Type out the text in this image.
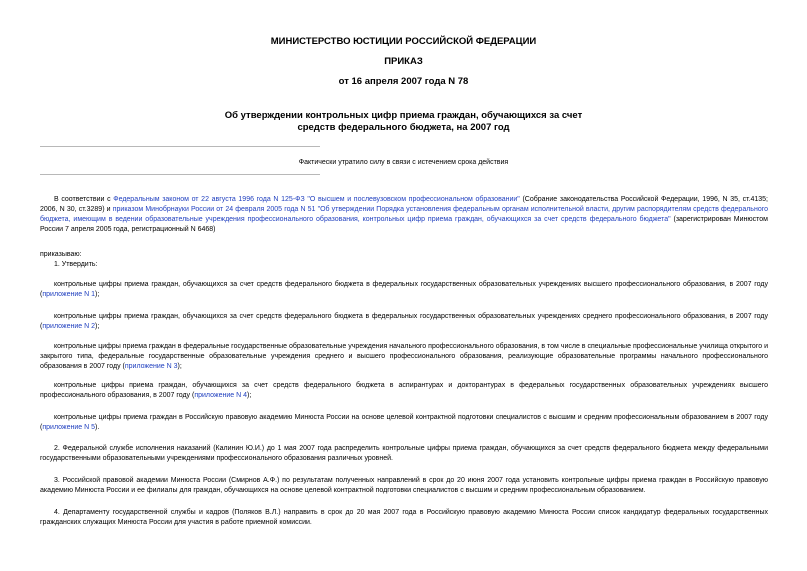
МИНИСТЕРСТВО ЮСТИЦИИ РОССИЙСКОЙ ФЕДЕРАЦИИ
ПРИКАЗ
от 16 апреля 2007 года N 78
Об утверждении контрольных цифр приема граждан, обучающихся за счет
средств федерального бюджета, на 2007 год
Фактически утратило силу в связи с истечением срока действия
В соответствии с Федеральным законом от 22 августа 1996 года N 125-ФЗ "О высшем и послевузовском профессиональном образовании" (Собрание законодательства Российской Федерации, 1996, N 35, ст.4135; 2006, N 30, ст.3289) и приказом Минобрнауки России от 24 февраля 2005 года N 51 "Об утверждении Порядка установления федеральным органам исполнительной власти, другим распорядителям средств федерального бюджета, имеющим в ведении образовательные учреждения профессионального образования, контрольных цифр приема граждан, обучающихся за счет средств федерального бюджета" (зарегистрирован Минюстом России 7 апреля 2005 года, регистрационный N 6468)
приказываю:
1. Утвердить:
контрольные цифры приема граждан, обучающихся за счет средств федерального бюджета в федеральных государственных образовательных учреждениях высшего профессионального образования, в 2007 году (приложение N 1);
контрольные цифры приема граждан, обучающихся за счет средств федерального бюджета в федеральных государственных образовательных учреждениях среднего профессионального образования, в 2007 году (приложение N 2);
контрольные цифры приема граждан в федеральные государственные образовательные учреждения начального профессионального образования, в том числе в специальные профессиональные училища открытого и закрытого типа, федеральные государственные образовательные учреждения среднего и высшего профессионального образования, реализующие образовательные программы начального профессионального образования в 2007 году (приложение N 3);
контрольные цифры приема граждан, обучающихся за счет средств федерального бюджета в аспирантурах и докторантурах в федеральных государственных образовательных учреждениях высшего профессионального образования, в 2007 году (приложение N 4);
контрольные цифры приема граждан в Российскую правовую академию Минюста России на основе целевой контрактной подготовки специалистов с высшим и средним профессиональным образованием в 2007 году (приложение N 5).
2. Федеральной службе исполнения наказаний (Калинин Ю.И.) до 1 мая 2007 года распределить контрольные цифры приема граждан, обучающихся за счет средств федерального бюджета между федеральными государственными образовательными учреждениями профессионального образования различных уровней.
3. Российской правовой академии Минюста России (Смирнов А.Ф.) по результатам полученных направлений в срок до 20 июня 2007 года установить контрольные цифры приема граждан в Российскую правовую академию Минюста России и ее филиалы для граждан, обучающихся на основе целевой контрактной подготовки специалистов с высшим и средним профессиональным образованием.
4. Департаменту государственной службы и кадров (Поляков В.Л.) направить в срок до 20 мая 2007 года в Российскую правовую академию Минюста России список кандидатур федеральных государственных гражданских служащих Минюста России для участия в работе приемной комиссии.
